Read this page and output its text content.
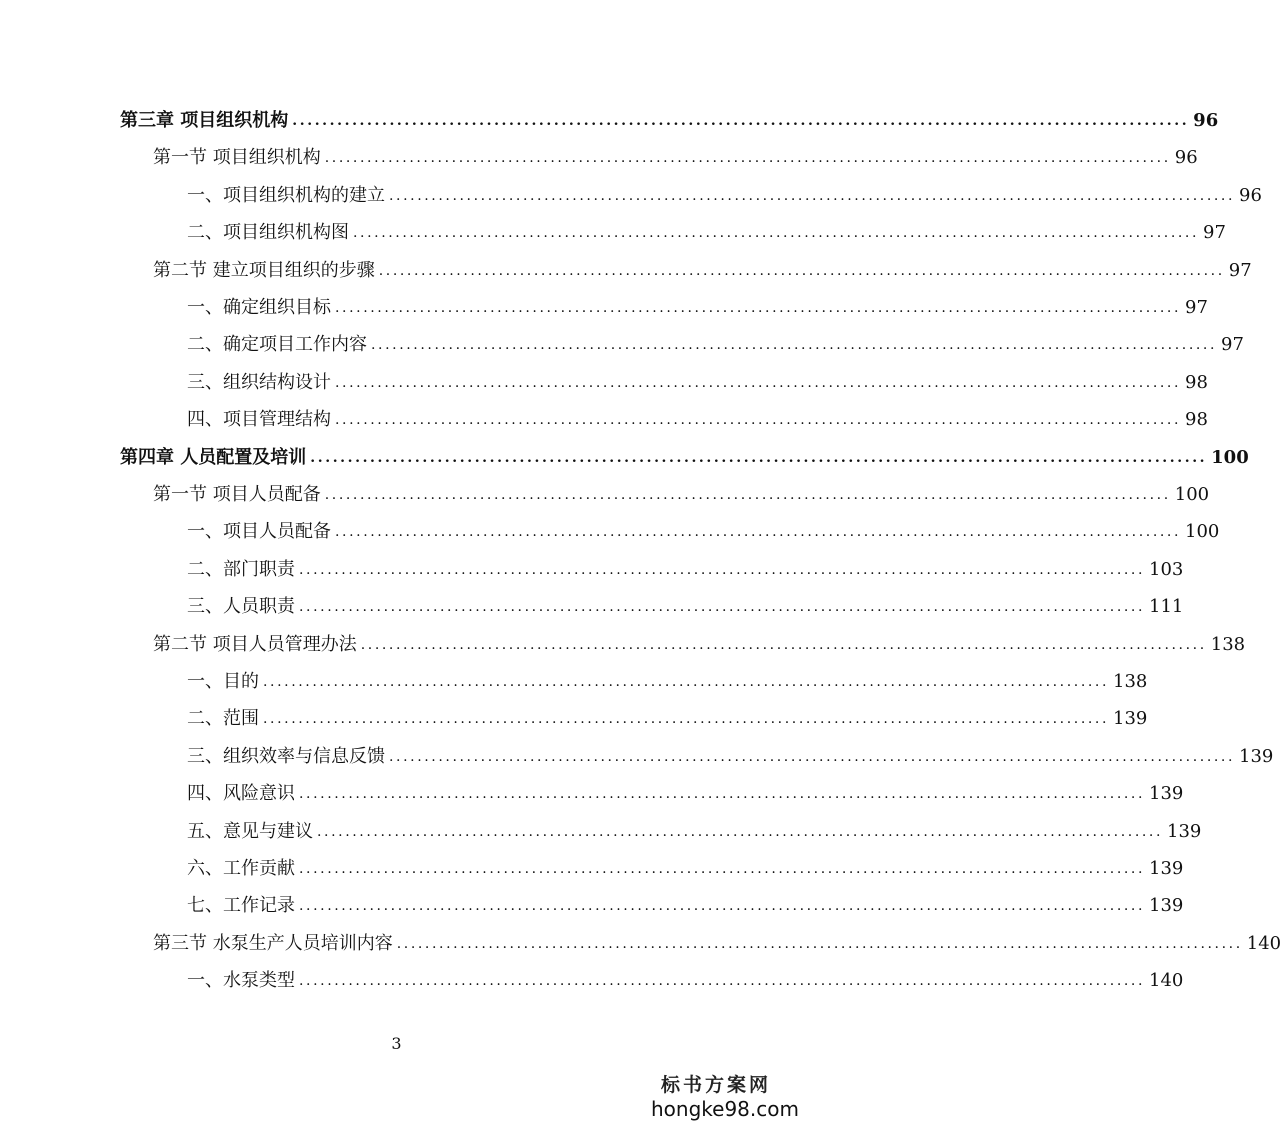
第三章 项目组织机构 ........................................................................................................................ 96
第一节 项目组织机构 ........................................................................................................................ 96
一、项目组织机构的建立 ........................................................................................................................ 96
二、项目组织机构图 ........................................................................................................................ 97
第二节 建立项目组织的步骤 ........................................................................................................................ 97
一、确定组织目标 ........................................................................................................................ 97
二、确定项目工作内容 ........................................................................................................................ 97
三、组织结构设计 ........................................................................................................................ 98
四、项目管理结构 ........................................................................................................................ 98
第四章 人员配置及培训 ........................................................................................................................ 100
第一节 项目人员配备 ........................................................................................................................ 100
一、项目人员配备 ........................................................................................................................ 100
二、部门职责 ........................................................................................................................ 103
三、人员职责 ........................................................................................................................ 111
第二节 项目人员管理办法 ........................................................................................................................ 138
一、目的 ........................................................................................................................ 138
二、范围 ........................................................................................................................ 139
三、组织效率与信息反馈 ........................................................................................................................ 139
四、风险意识 ........................................................................................................................ 139
五、意见与建议 ........................................................................................................................ 139
六、工作贡献 ........................................................................................................................ 139
七、工作记录 ........................................................................................................................ 139
第三节 水泵生产人员培训内容 ........................................................................................................................ 140
一、水泵类型 ........................................................................................................................ 140
3
标书方案网
hongke98.com
